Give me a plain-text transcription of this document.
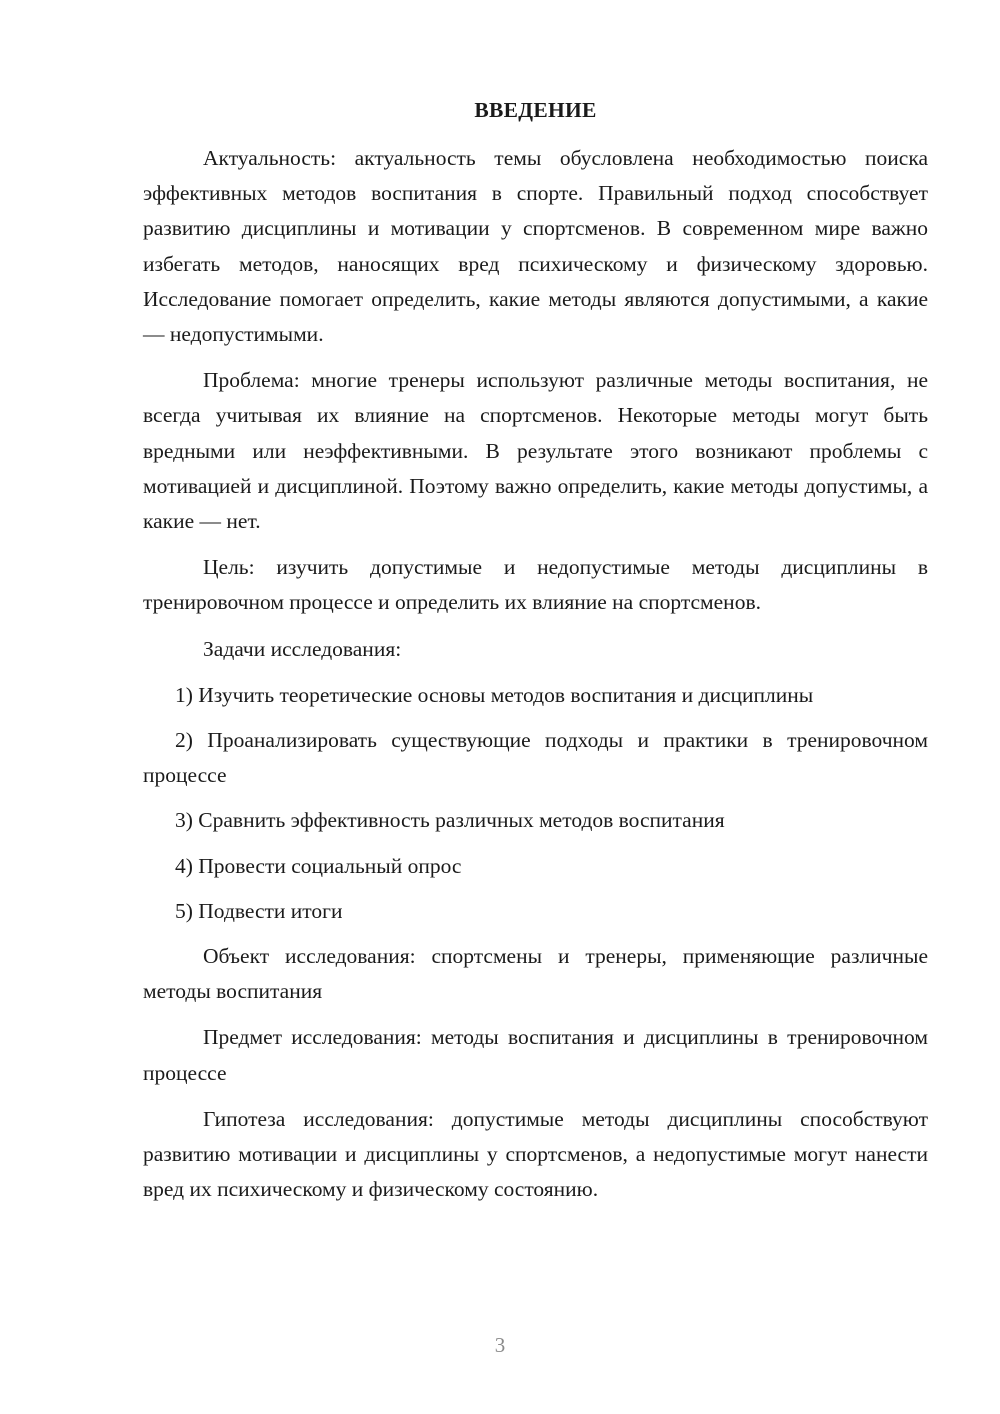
ВВЕДЕНИЕ

Актуальность: актуальность темы обусловлена необходимостью поиска эффективных методов воспитания в спорте. Правильный подход способствует развитию дисциплины и мотивации у спортсменов. В современном мире важно избегать методов, наносящих вред психическому и физическому здоровью. Исследование помогает определить, какие методы являются допустимыми, а какие — недопустимыми.

Проблема: многие тренеры используют различные методы воспитания, не всегда учитывая их влияние на спортсменов. Некоторые методы могут быть вредными или неэффективными. В результате этого возникают проблемы с мотивацией и дисциплиной. Поэтому важно определить, какие методы допустимы, а какие — нет.

Цель: изучить допустимые и недопустимые методы дисциплины в тренировочном процессе и определить их влияние на спортсменов.

Задачи исследования:

1) Изучить теоретические основы методов воспитания и дисциплины

2) Проанализировать существующие подходы и практики в тренировочном процессе

3) Сравнить эффективность различных методов воспитания

4) Провести социальный опрос

5) Подвести итоги

Объект исследования: спортсмены и тренеры, применяющие различные методы воспитания

Предмет исследования: методы воспитания и дисциплины в тренировочном процессе

Гипотеза исследования: допустимые методы дисциплины способствуют развитию мотивации и дисциплины у спортсменов, а недопустимые могут нанести вред их психическому и физическому состоянию.

3
